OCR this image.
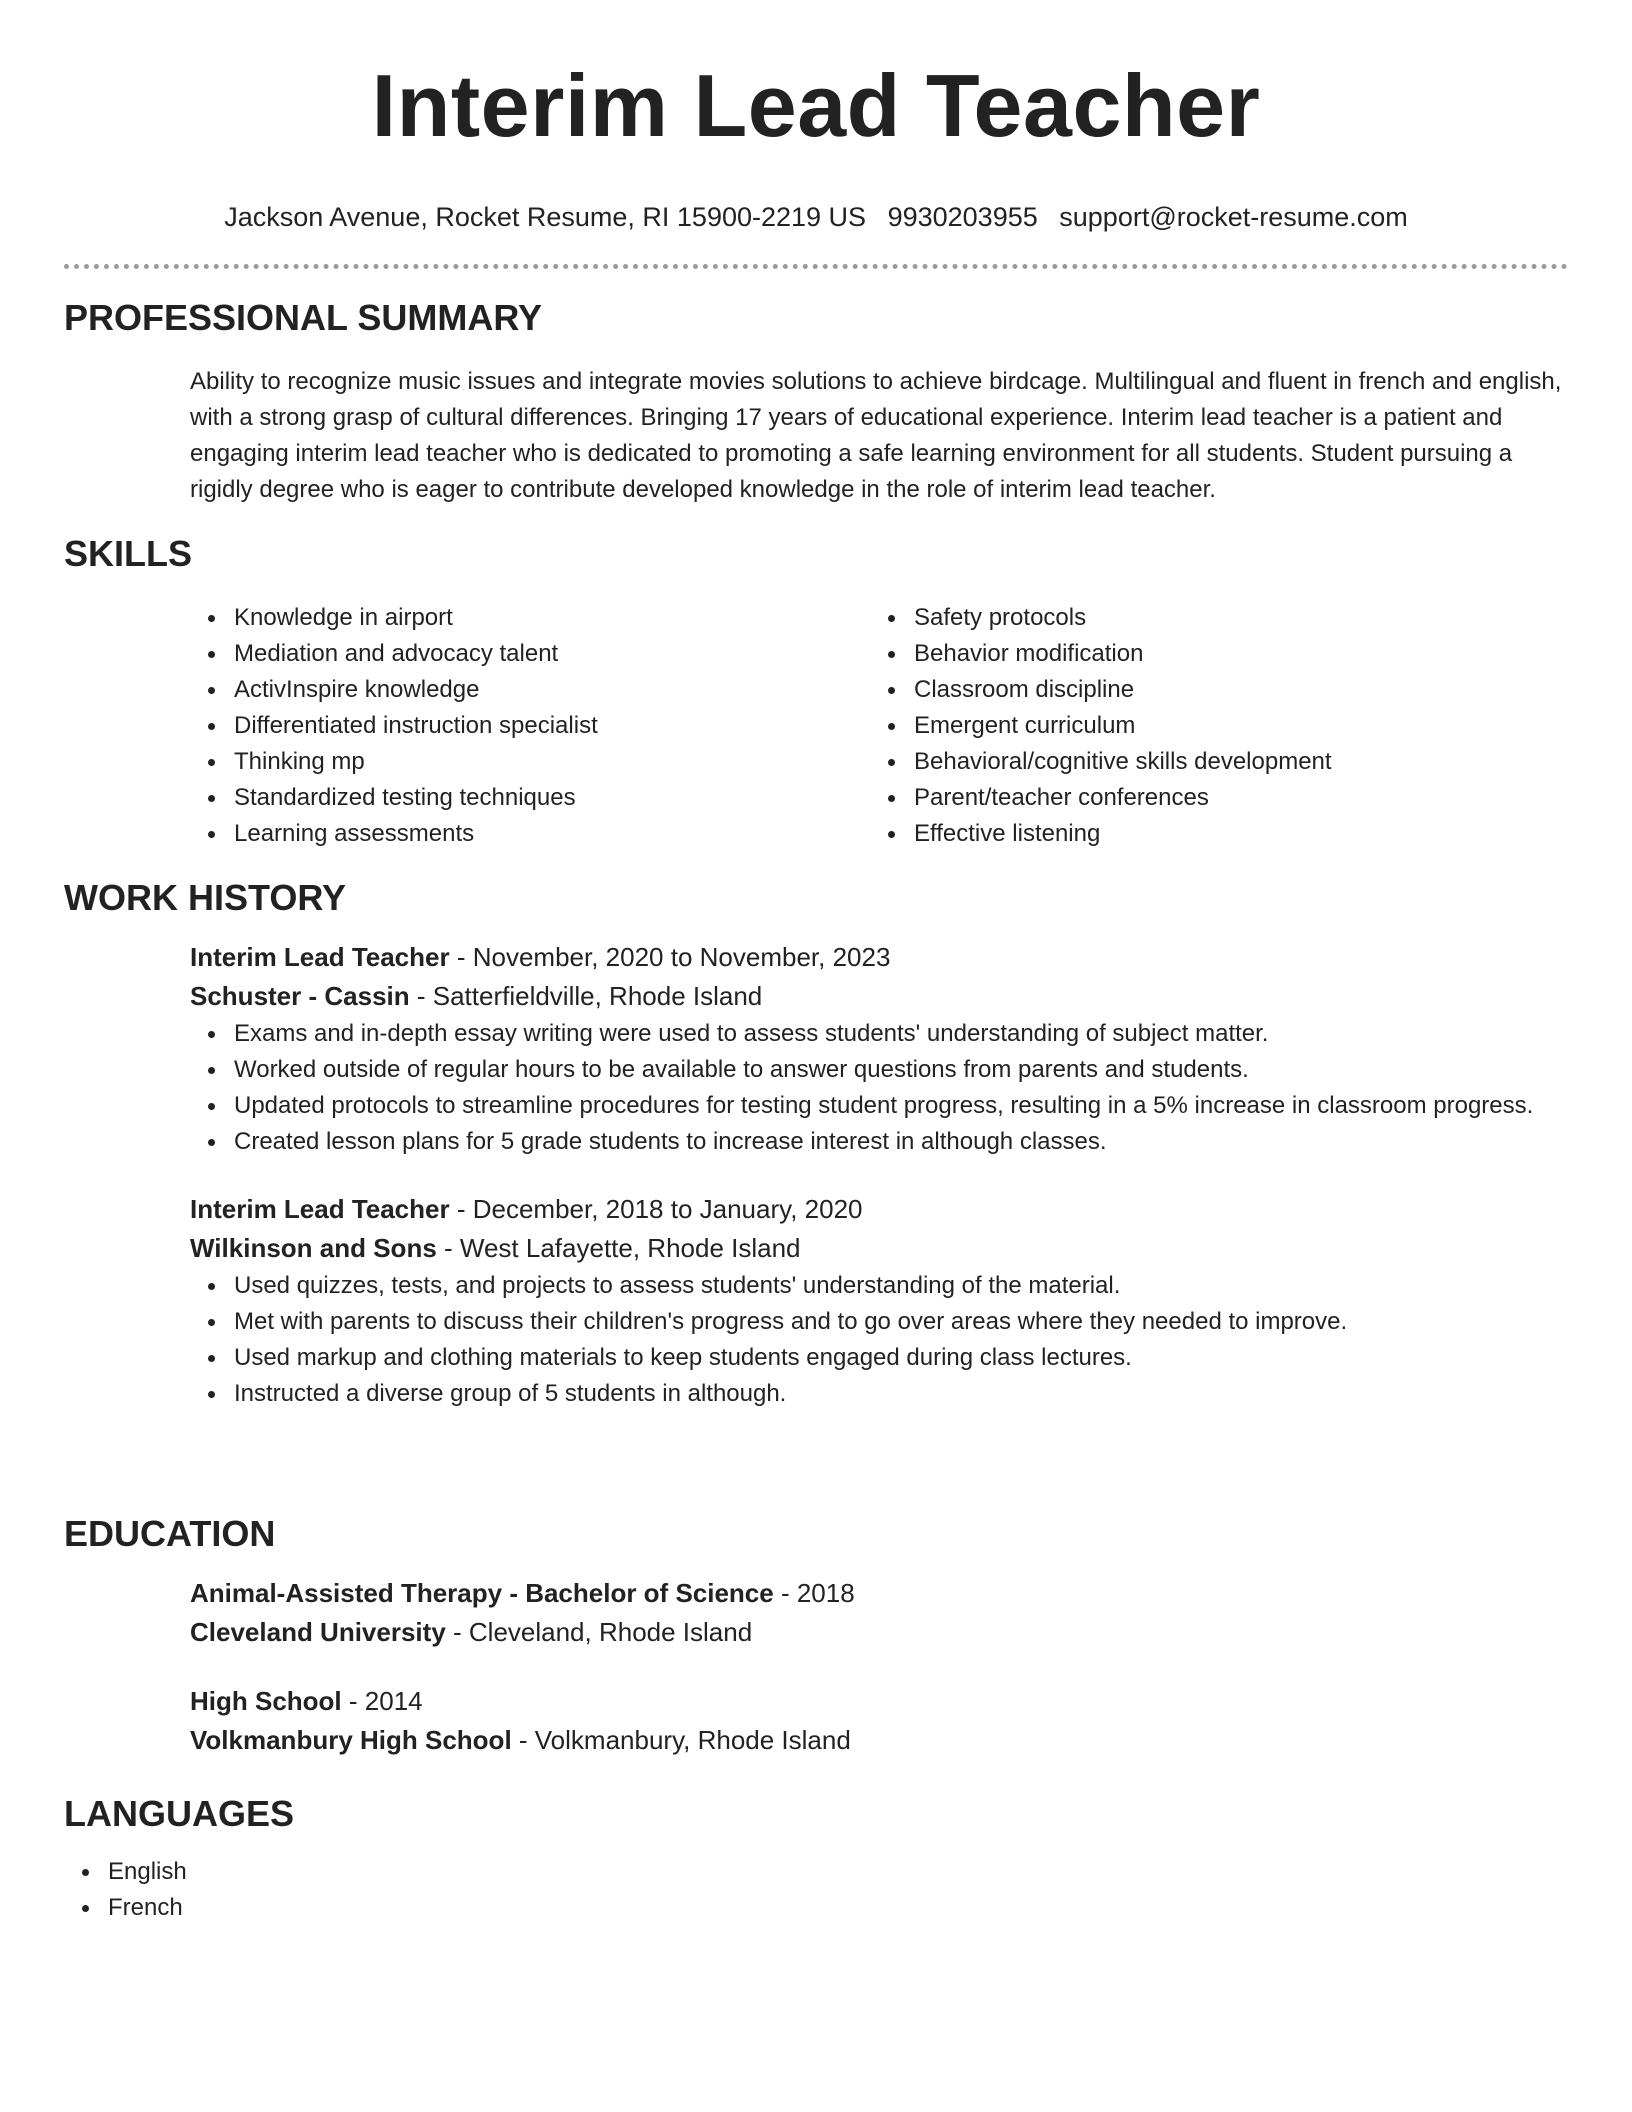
Interim Lead Teacher
Jackson Avenue, Rocket Resume, RI 15900-2219 US 9930203955 support@rocket-resume.com
PROFESSIONAL SUMMARY
Ability to recognize music issues and integrate movies solutions to achieve birdcage. Multilingual and fluent in french and english, with a strong grasp of cultural differences. Bringing 17 years of educational experience. Interim lead teacher is a patient and engaging interim lead teacher who is dedicated to promoting a safe learning environment for all students. Student pursuing a rigidly degree who is eager to contribute developed knowledge in the role of interim lead teacher.
SKILLS
Knowledge in airport
Mediation and advocacy talent
ActivInspire knowledge
Differentiated instruction specialist
Thinking mp
Standardized testing techniques
Learning assessments
Safety protocols
Behavior modification
Classroom discipline
Emergent curriculum
Behavioral/cognitive skills development
Parent/teacher conferences
Effective listening
WORK HISTORY
Interim Lead Teacher - November, 2020 to November, 2023
Schuster - Cassin - Satterfieldville, Rhode Island
Exams and in-depth essay writing were used to assess students' understanding of subject matter.
Worked outside of regular hours to be available to answer questions from parents and students.
Updated protocols to streamline procedures for testing student progress, resulting in a 5% increase in classroom progress.
Created lesson plans for 5 grade students to increase interest in although classes.
Interim Lead Teacher - December, 2018 to January, 2020
Wilkinson and Sons - West Lafayette, Rhode Island
Used quizzes, tests, and projects to assess students' understanding of the material.
Met with parents to discuss their children's progress and to go over areas where they needed to improve.
Used markup and clothing materials to keep students engaged during class lectures.
Instructed a diverse group of 5 students in although.
EDUCATION
Animal-Assisted Therapy - Bachelor of Science - 2018
Cleveland University - Cleveland, Rhode Island
High School - 2014
Volkmanbury High School - Volkmanbury, Rhode Island
LANGUAGES
English
French
